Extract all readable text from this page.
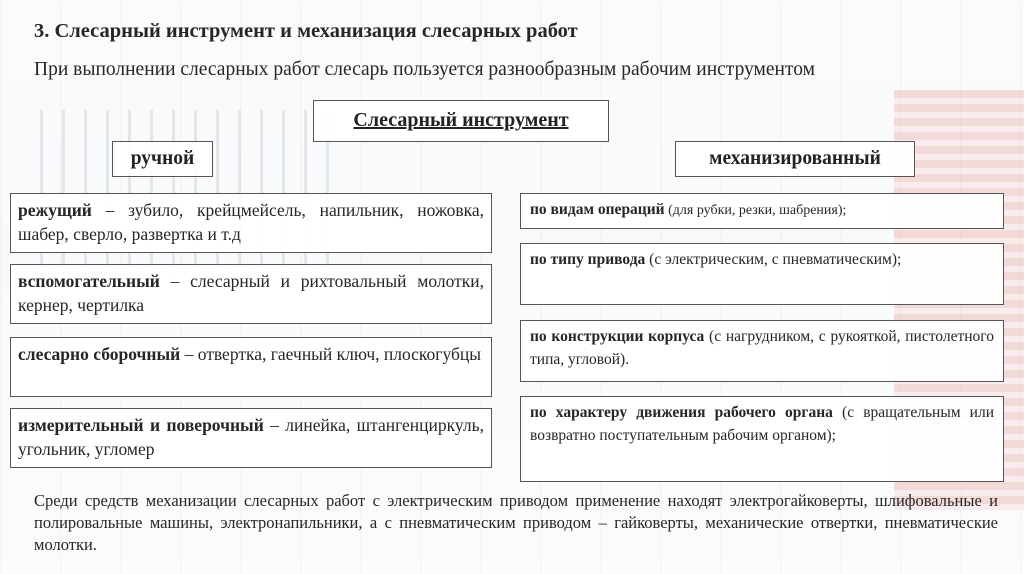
3. Слесарный инструмент и механизация слесарных работ
При выполнении слесарных работ слесарь пользуется разнообразным рабочим инструментом
Слесарный инструмент
ручной	механизированный
режущий – зубило, крейцмейсель, напильник, ножовка, шабер, сверло, развертка и т.д
вспомогательный – слесарный и рихтовальный молотки, кернер, чертилка
слесарно сборочный – отвертка, гаечный ключ, плоскогубцы
измерительный и поверочный – линейка, штангенциркуль, угольник, угломер
по видам операций (для рубки, резки, шабрения);
по типу привода (с электрическим, с пневматическим);
по конструкции корпуса (с нагрудником, с рукояткой, пистолетного типа, угловой).
по характеру движения рабочего органа (с вращательным или возвратно поступательным рабочим органом);
Среди средств механизации слесарных работ с электрическим приводом применение находят электрогайковерты, шлифовальные и полировальные машины, электронапильники, а с пневматическим приводом – гайковерты, механические отвертки, пневматические молотки.
